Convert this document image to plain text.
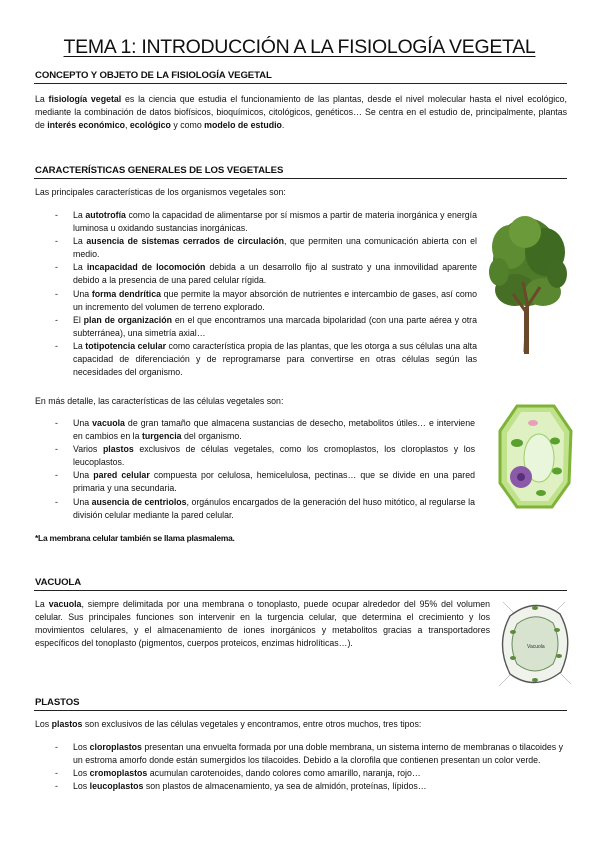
TEMA 1: INTRODUCCIÓN A LA FISIOLOGÍA VEGETAL
CONCEPTO Y OBJETO DE LA FISIOLOGÍA VEGETAL
La fisiología vegetal es la ciencia que estudia el funcionamiento de las plantas, desde el nivel molecular hasta el nivel ecológico, mediante la combinación de datos biofísicos, bioquímicos, citológicos, genéticos… Se centra en el estudio de, principalmente, plantas de interés económico, ecológico y como modelo de estudio.
CARACTERÍSTICAS GENERALES DE LOS VEGETALES
Las principales características de los organismos vegetales son:
- La autotrofía como la capacidad de alimentarse por sí mismos a partir de materia inorgánica y energía luminosa u oxidando sustancias inorgánicas.
- La ausencia de sistemas cerrados de circulación, que permiten una comunicación abierta con el medio.
- La incapacidad de locomoción debida a un desarrollo fijo al sustrato y una inmovilidad aparente debido a la presencia de una pared celular rígida.
- Una forma dendrítica que permite la mayor absorción de nutrientes e intercambio de gases, así como un incremento del volumen de terreno explorado.
- El plan de organización en el que encontramos una marcada bipolaridad (con una parte aérea y otra subterránea), una simetría axial…
- La totipotencia celular como característica propia de las plantas, que les otorga a sus células una alta capacidad de diferenciación y de reprogramarse para convertirse en otras células según las necesidades del organismo.
En más detalle, las características de las células vegetales son:
- Una vacuola de gran tamaño que almacena sustancias de desecho, metabolitos útiles… e interviene en cambios en la turgencia del organismo.
- Varios plastos exclusivos de células vegetales, como los cromoplastos, los cloroplastos y los leucoplastos.
- Una pared celular compuesta por celulosa, hemicelulosa, pectinas… que se divide en una pared primaria y una secundaria.
- Una ausencia de centriolos, orgánulos encargados de la generación del huso mitótico, al regularse la división celular mediante la pared celular.
*La membrana celular también se llama plasmalema.
VACUOLA
La vacuola, siempre delimitada por una membrana o tonoplasto, puede ocupar alrededor del 95% del volumen celular. Sus principales funciones son intervenir en la turgencia celular, que determina el crecimiento y los movimientos celulares, y el almacenamiento de iones inorgánicos y metabolitos gracias a transportadores específicos del tonoplasto (pigmentos, cuerpos proteicos, enzimas hidrolíticas…).	Vacuola
PLASTOS
Los plastos son exclusivos de las células vegetales y encontramos, entre otros muchos, tres tipos:
- Los cloroplastos presentan una envuelta formada por una doble membrana, un sistema interno de membranas o tilacoides y un estroma amorfo donde están sumergidos los tilacoides. Debido a la clorofila que contienen presentan un color verde.
- Los cromoplastos acumulan carotenoides, dando colores como amarillo, naranja, rojo…
- Los leucoplastos son plastos de almacenamiento, ya sea de almidón, proteínas, lípidos…
